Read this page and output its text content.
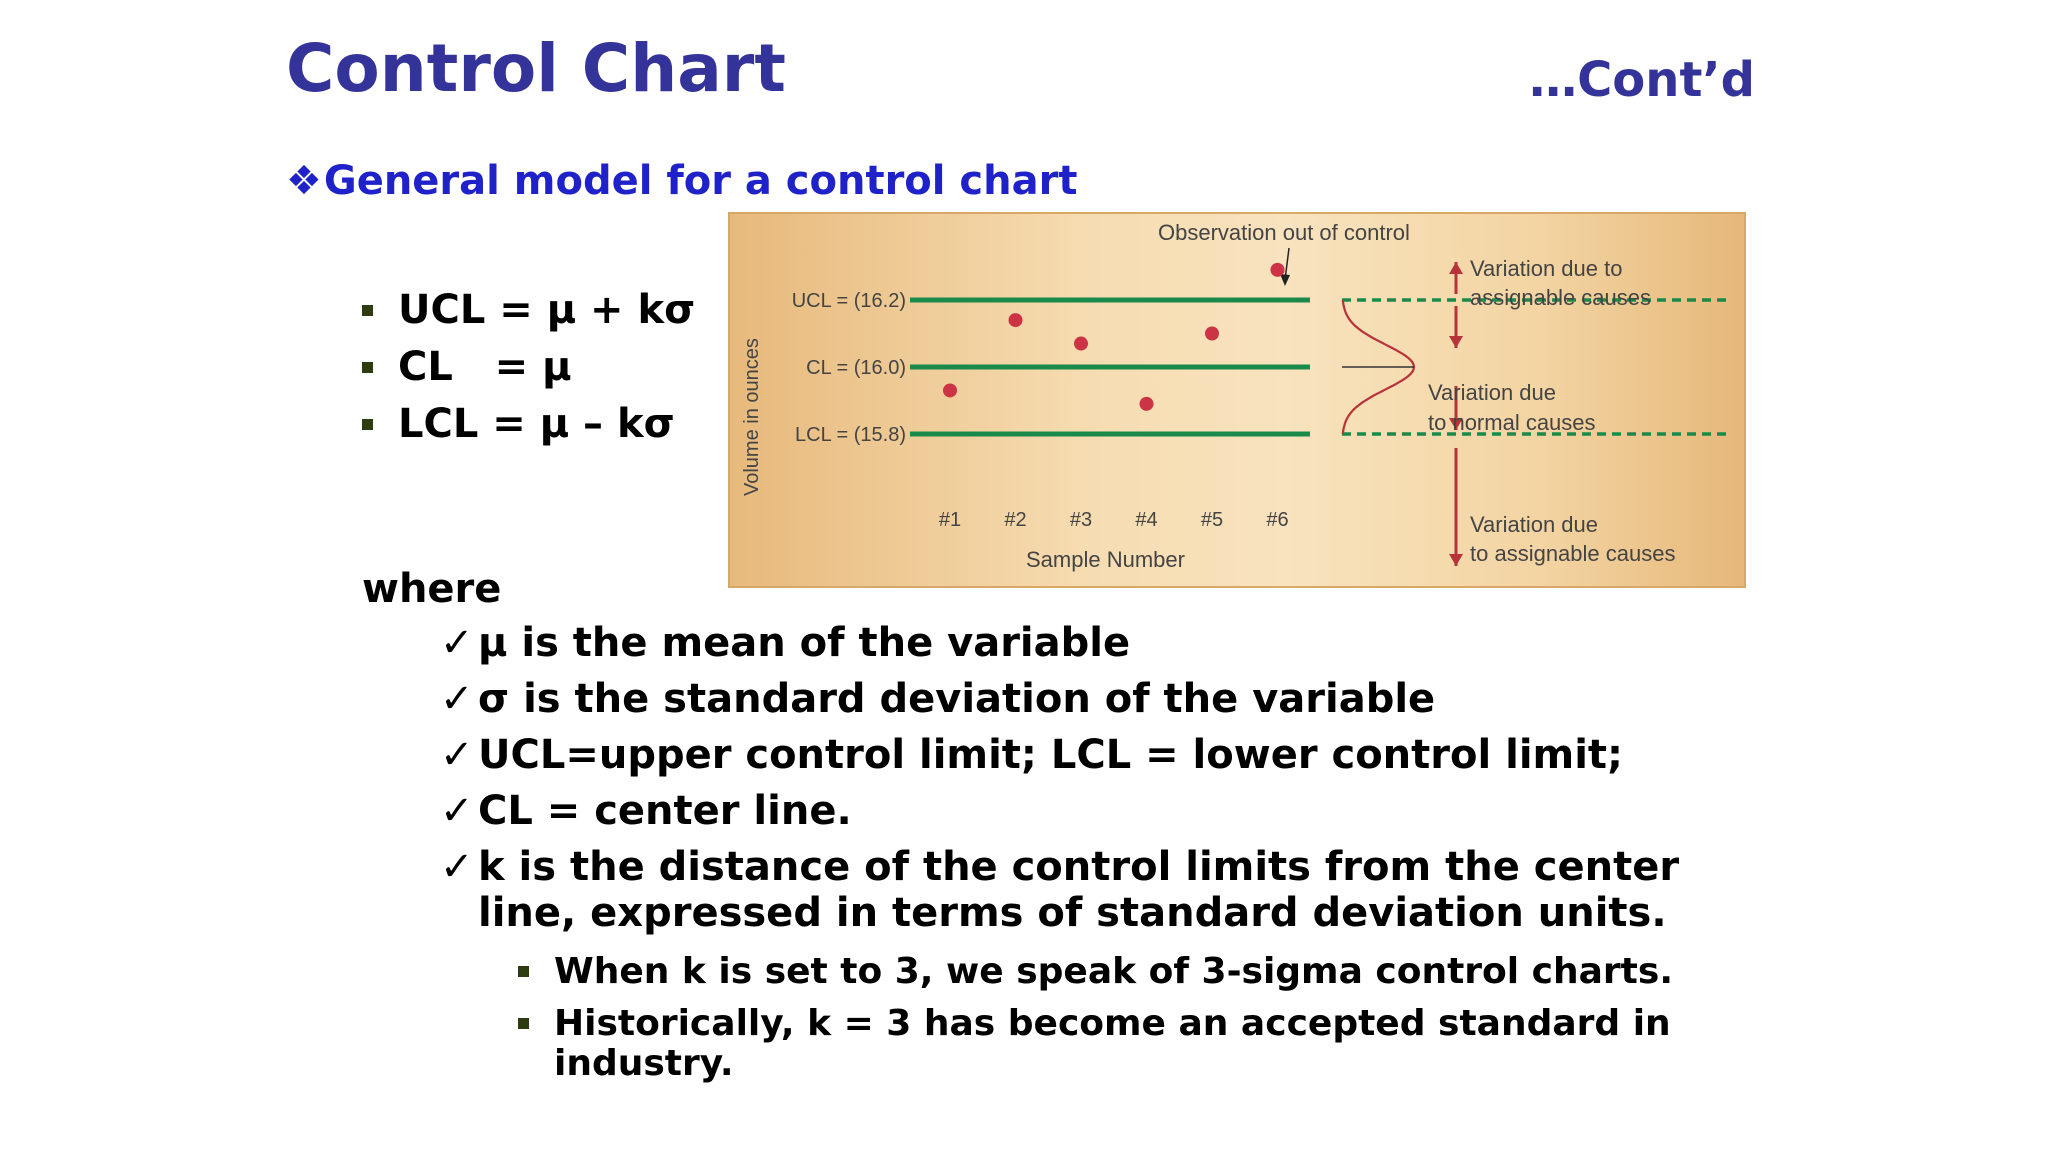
Control Chart	…Cont’d
❖General model for a control chart
UCL = μ + kσ
CL   = μ
LCL = μ – kσ
Observation out of control
Volume in ounces
UCL = (16.2)
CL = (16.0)
LCL = (15.8)
#1 #2 #3 #4 #5 #6
Sample Number
Variation due to
assignable causes
Variation due
to normal causes
Variation due
to assignable causes
where
✓ μ is the mean of the variable
✓ σ is the standard deviation of the variable
✓ UCL=upper control limit; LCL = lower control limit;
✓ CL = center line.
✓ k is the distance of the control limits from the center line, expressed in terms of standard deviation units.
When k is set to 3, we speak of 3-sigma control charts.
Historically, k = 3 has become an accepted standard in industry.
